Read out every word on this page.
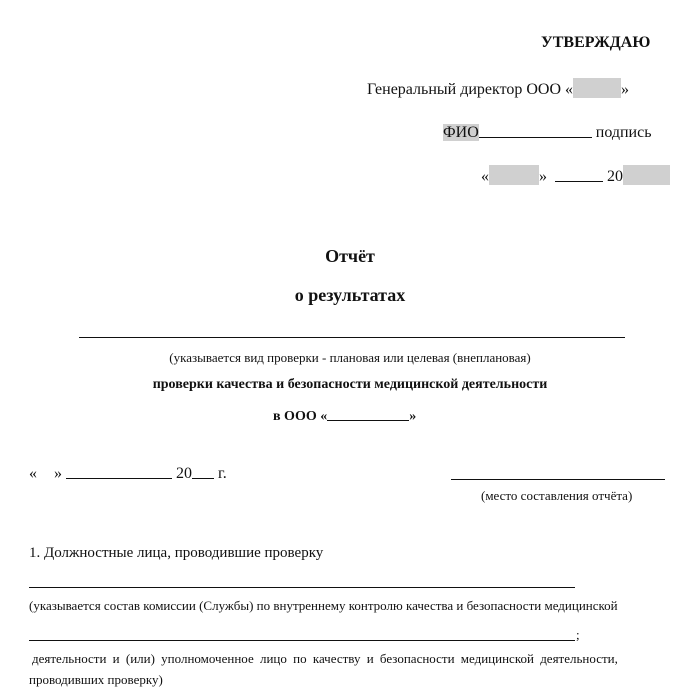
УТВЕРЖДАЮ
Генеральный директор ООО «	»
ФИО	подпись
«	»	20
Отчёт
о результатах
(указывается вид проверки - плановая или целевая (внеплановая)
проверки качества и безопасности медицинской деятельности
в ООО «	»
« »	20 г.
(место составления отчёта)
1. Должностные лица, проводившие проверку
(указывается состав комиссии (Службы) по внутреннему контролю качества и безопасности медицинской
;
деятельности и (или) уполномоченное лицо по качеству и безопасности медицинской деятельности,
проводивших проверку)
